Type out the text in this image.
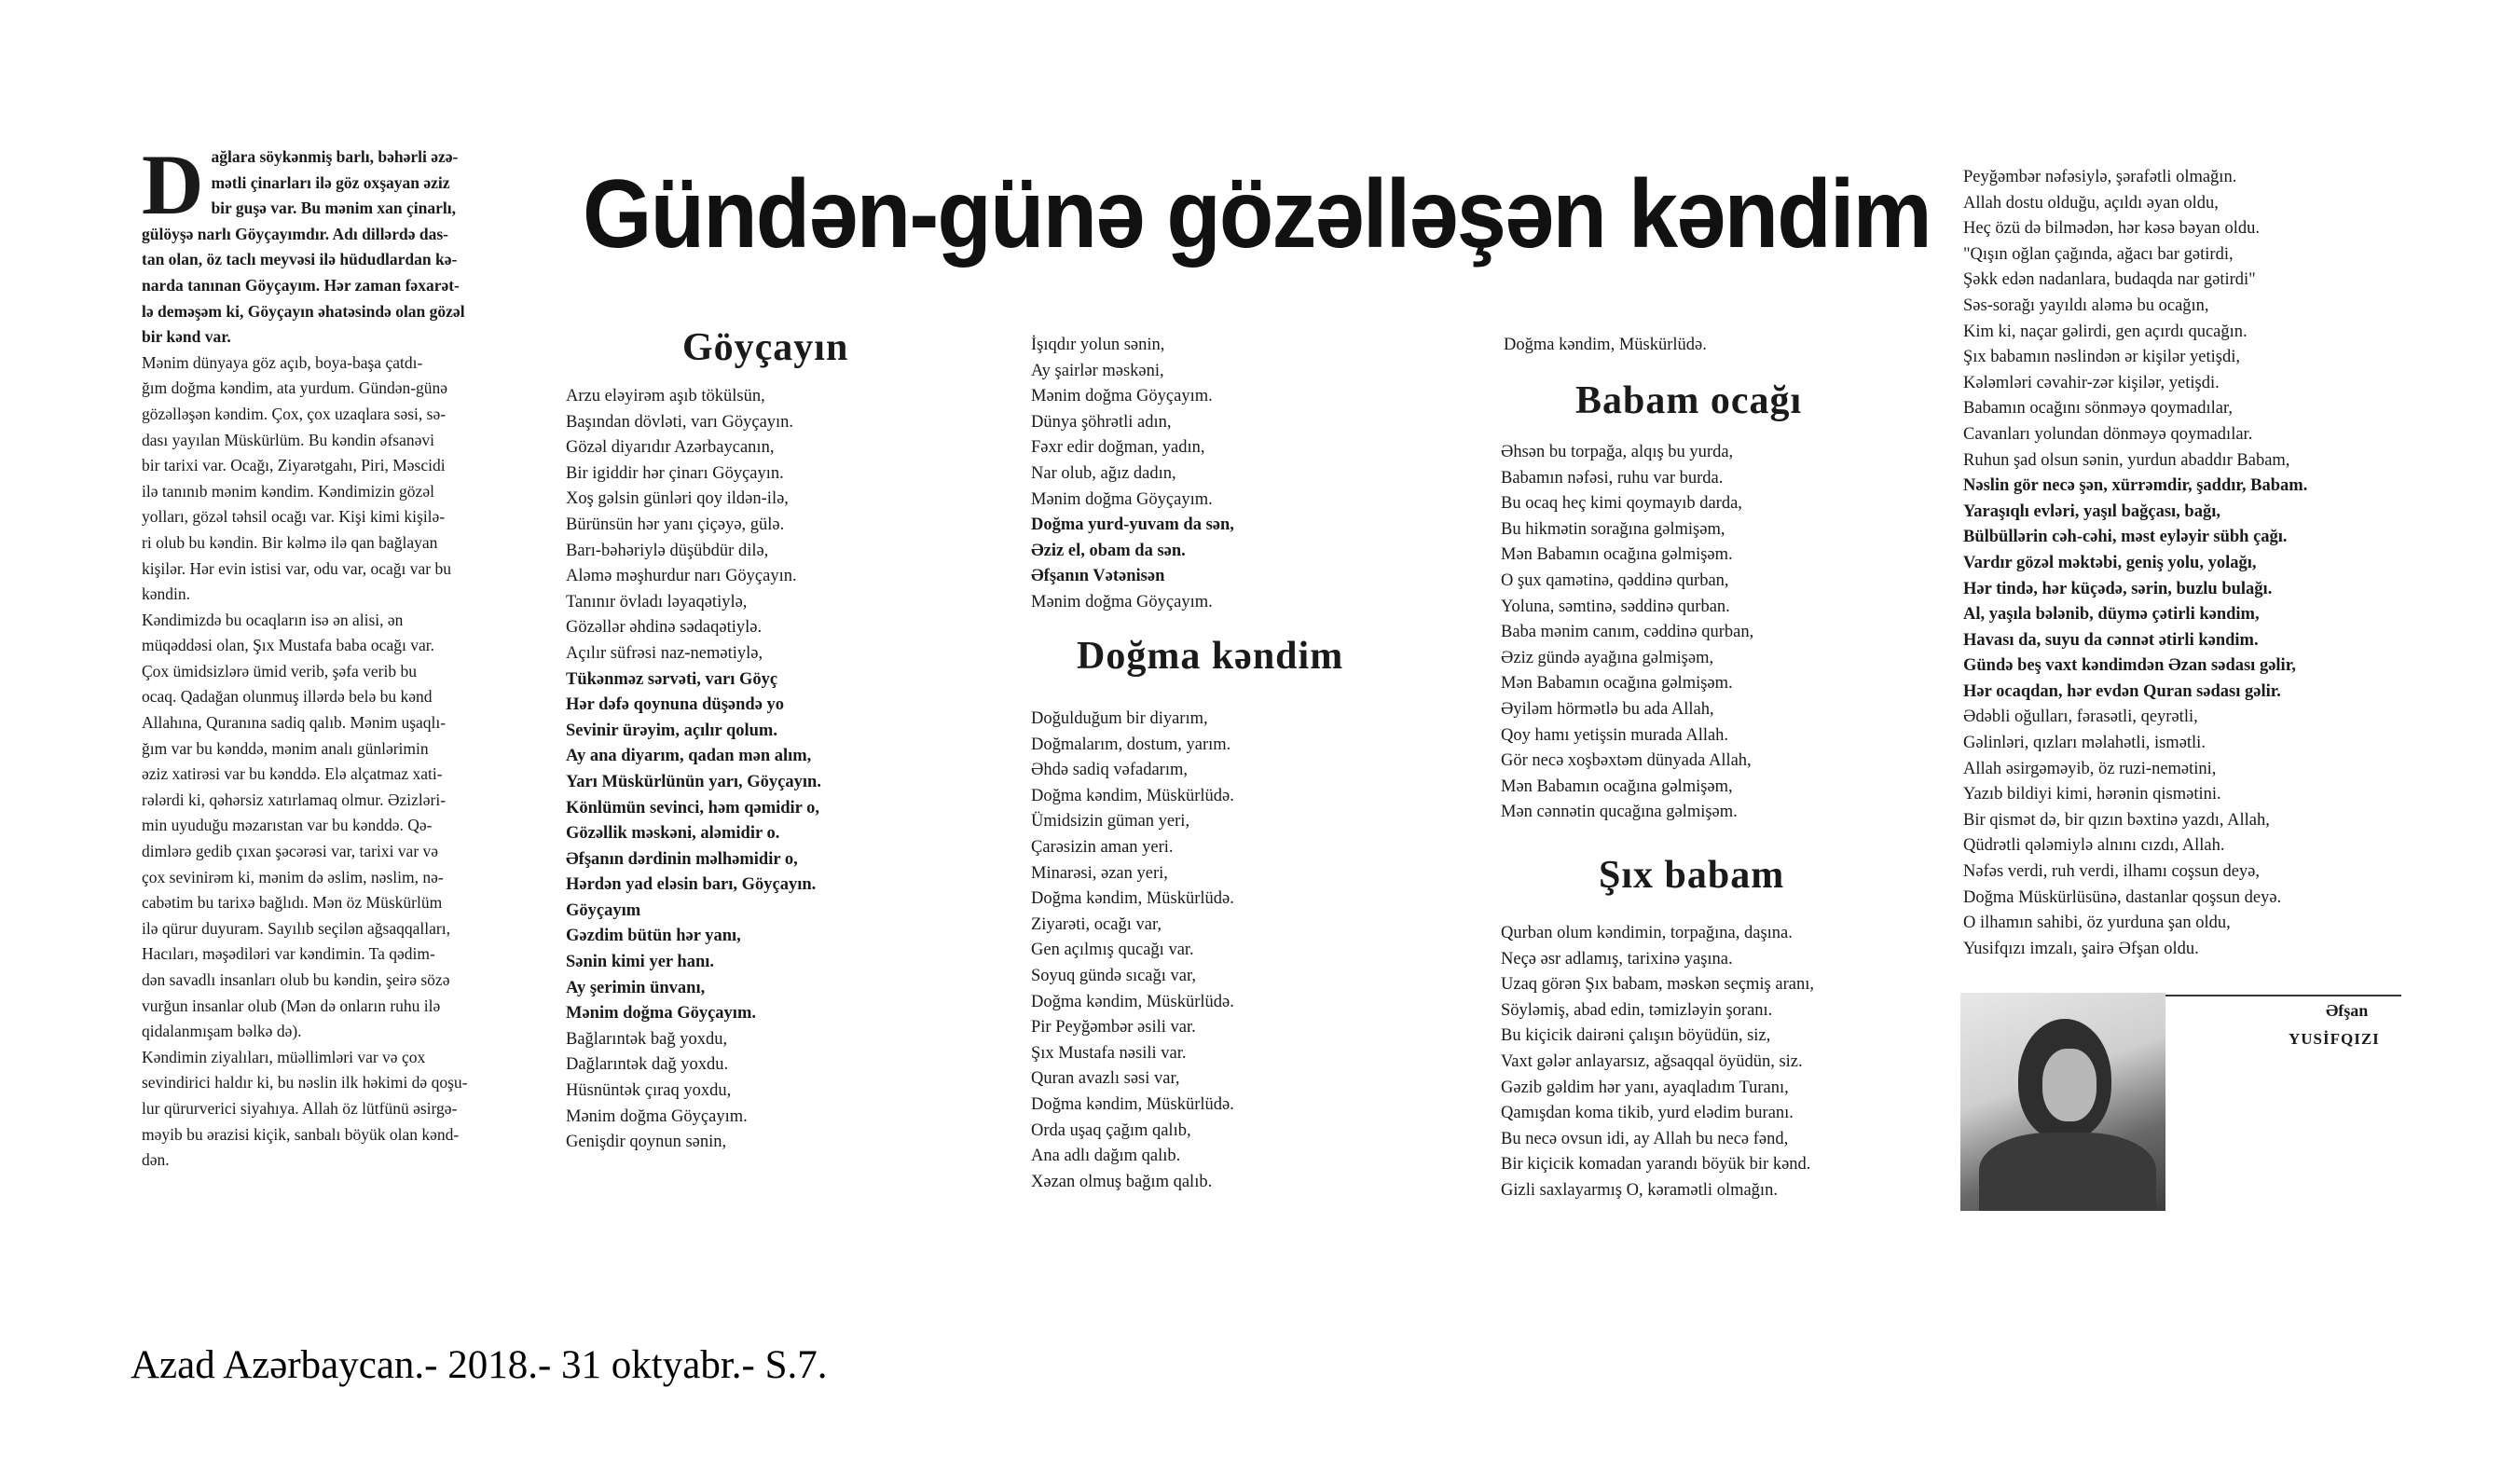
Gündən-günə gözəlləşən kəndim
D ağlara söykənmiş barlı, bəhərli əzə-
mətli çinarları ilə göz oxşayan əziz
bir guşə var. Bu mənim xan çinarlı,
gülöyşə narlı Göyçayımdır. Adı dillərdə das-
tan olan, öz taclı meyvəsi ilə hüdudlardan kə-
narda tanınan Göyçayım. Hər zaman fəxarət-
lə deməşəm ki, Göyçayın əhatəsində olan gözəl
bir kənd var.
Mənim dünyaya göz açıb, boya-başa çatdı-
ğım doğma kəndim, ata yurdum. Gündən-günə
gözəlləşən kəndim. Çox, çox uzaqlara səsi, sə-
dası yayılan Müskürlüm. Bu kəndin əfsanəvi
bir tarixi var. Ocağı, Ziyarətgahı, Piri, Məscidi
ilə tanınıb mənim kəndim. Kəndimizin gözəl
yolları, gözəl təhsil ocağı var. Kişi kimi kişilə-
ri olub bu kəndin. Bir kəlmə ilə qan bağlayan
kişilər. Hər evin istisi var, odu var, ocağı var bu
kəndin.
Kəndimizdə bu ocaqların isə ən alisi, ən
müqəddəsi olan, Şıx Mustafa baba ocağı var.
Çox ümidsizlərə ümid verib, şəfa verib bu
ocaq. Qadağan olunmuş illərdə belə bu kənd
Allahına, Quranına sadiq qalıb. Mənim uşaqlı-
ğım var bu kənddə, mənim analı günlərimin
əziz xatirəsi var bu kənddə. Elə alçatmaz xati-
rələrdi ki, qəhərsiz xatırlamaq olmur. Əzizləri-
min uyuduğu məzarıstan var bu kənddə. Qə-
dimlərə gedib çıxan şəcərəsi var, tarixi var və
çox sevinirəm ki, mənim də əslim, nəslim, nə-
cabətim bu tarixə bağlıdı. Mən öz Müskürlüm
ilə qürur duyuram. Sayılıb seçilən ağsaqqalları,
Hacıları, məşədiləri var kəndimin. Ta qədim-
dən savadlı insanları olub bu kəndin, şeirə sözə
vurğun insanlar olub (Mən də onların ruhu ilə
qidalanmışam bəlkə də).
Kəndimin ziyalıları, müəllimləri var və çox
sevindirici haldır ki, bu nəslin ilk həkimi də qoşu-
lur qürurverici siyahıya. Allah öz lütfünü əsirgə-
məyib bu ərazisi kiçik, sanbalı böyük olan kənd-
dən.
Göyçayın
Arzu eləyirəm aşıb tökülsün,
Başından dövləti, varı Göyçayın.
Gözəl diyarıdır Azərbaycanın,
Bir igiddir hər çinarı Göyçayın.
Xoş gəlsin günləri qoy ildən-ilə,
Bürünsün hər yanı çiçəyə, gülə.
Barı-bəhəriylə düşübdür dilə,
Aləmə məşhurdur narı Göyçayın.
Tanınır övladı ləyaqətiylə,
Gözəllər əhdinə sədaqətiylə.
Açılır süfrəsi naz-nemətiylə,
Tükənməz sərvəti, varı Göyç
Hər dəfə qoynuna düşəndə yo
Sevinir ürəyim, açılır qolum.
Ay ana diyarım, qadan mən alım,
Yarı Müskürlünün yarı, Göyçayın.
Könlümün sevinci, həm qəmidir o,
Gözəllik məskəni, aləmidir o.
Əfşanın dərdinin məlhəmidir o,
Hərdən yad eləsin barı, Göyçayın.
Göyçayım
Gəzdim bütün hər yanı,
Sənin kimi yer hanı.
Ay şerimin ünvanı,
Mənim doğma Göyçayım.
Bağlarıntək bağ yoxdu,
Dağlarıntək dağ yoxdu.
Hüsnüntək çıraq yoxdu,
Mənim doğma Göyçayım.
Genişdir qoynun sənin,
İşıqdır yolun sənin,
Ay şairlər məskəni,
Mənim doğma Göyçayım.
Dünya şöhrətli adın,
Fəxr edir doğman, yadın,
Nar olub, ağız dadın,
Mənim doğma Göyçayım.
Doğma yurd-yuvam da sən,
Əziz el, obam da sən.
Əfşanın Vətənisən
Mənim doğma Göyçayım.
Doğma kəndim
Doğulduğum bir diyarım,
Doğmalarım, dostum, yarım.
Əhdə sadiq vəfadarım,
Doğma kəndim, Müskürlüdə.
Ümidsizin güman yeri,
Çarəsizin aman yeri.
Minarəsi, əzan yeri,
Doğma kəndim, Müskürlüdə.
Ziyarəti, ocağı var,
Gen açılmış qucağı var.
Soyuq gündə sıcağı var,
Doğma kəndim, Müskürlüdə.
Pir Peyğəmbər əsili var.
Şıx Mustafa nəsili var.
Quran avazlı səsi var,
Doğma kəndim, Müskürlüdə.
Orda uşaq çağım qalıb,
Ana adlı dağım qalıb.
Xəzan olmuş bağım qalıb.
Doğma kəndim, Müskürlüdə.
Babam ocağı
Əhsən bu torpağa, alqış bu yurda,
Babamın nəfəsi, ruhu var burda.
Bu ocaq heç kimi qoymayıb darda,
Bu hikmətin sorağına gəlmişəm,
Mən Babamın ocağına gəlmişəm.
O şux qamətinə, qəddinə qurban,
Yoluna, səmtinə, səddinə qurban.
Baba mənim canım, cəddinə qurban,
Əziz gündə ayağına gəlmişəm,
Mən Babamın ocağına gəlmişəm.
Əyiləm hörmətlə bu ada Allah,
Qoy hamı yetişsin murada Allah.
Gör necə xoşbəxtəm dünyada Allah,
Mən Babamın ocağına gəlmişəm,
Mən cənnətin qucağına gəlmişəm.
Şıx babam
Qurban olum kəndimin, torpağına, daşına.
Neçə əsr adlamış, tarixinə yaşına.
Uzaq görən Şıx babam, məskən seçmiş aranı,
Söyləmiş, abad edin, təmizləyin şoranı.
Bu kiçicik dairəni çalışın böyüdün, siz,
Vaxt gələr anlayarsız, ağsaqqal öyüdün, siz.
Gəzib gəldim hər yanı, ayaqladım Turanı,
Qamışdan koma tikib, yurd elədim buranı.
Bu necə ovsun idi, ay Allah bu necə fənd,
Bir kiçicik komadan yarandı böyük bir kənd.
Gizli saxlayarmış O, kəramətli olmağın.
Peyğəmbər nəfəsiylə, şərafətli olmağın.
Allah dostu olduğu, açıldı əyan oldu,
Heç özü də bilmədən, hər kəsə bəyan oldu.
"Qışın oğlan çağında, ağacı bar gətirdi,
Şəkk edən nadanlara, budaqda nar gətirdi"
Səs-sorağı yayıldı aləmə bu ocağın,
Kim ki, naçar gəlirdi, gen açırdı qucağın.
Şıx babamın nəslindən ər kişilər yetişdi,
Kələmləri cəvahir-zər kişilər, yetişdi.
Babamın ocağını sönməyə qoymadılar,
Cavanları yolundan dönməyə qoymadılar.
Ruhun şad olsun sənin, yurdun abaddır Babam,
Nəslin gör necə şən, xürrəmdir, şaddır, Babam.
Yaraşıqlı evləri, yaşıl bağçası, bağı,
Bülbüllərin cəh-cəhi, məst eyləyir sübh çağı.
Vardır gözəl məktəbi, geniş yolu, yolağı,
Hər tində, hər küçədə, sərin, buzlu bulağı.
Al, yaşıla bələnib, düymə çətirli kəndim,
Havası da, suyu da cənnət ətirli kəndim.
Gündə beş vaxt kəndimdən Əzan sədası gəlir,
Hər ocaqdan, hər evdən Quran sədası gəlir.
Ədəbli oğulları, fərasətli, qeyrətli,
Gəlinləri, qızları məlahətli, ismətli.
Allah əsirgəməyib, öz ruzi-nemətini,
Yazıb bildiyi kimi, hərənin qismətini.
Bir qismət də, bir qızın bəxtinə yazdı, Allah,
Qüdrətli qələmiylə alnını cızdı, Allah.
Nəfəs verdi, ruh verdi, ilhamı coşsun deyə,
Doğma Müskürlüsünə, dastanlar qoşsun deyə.
O ilhamın sahibi, öz yurduna şan oldu,
Yusifqızı imzalı, şairə Əfşan oldu.
Əfşan
YUSİFQIZI
Azad Azərbaycan.- 2018.- 31 oktyabr.- S.7.
